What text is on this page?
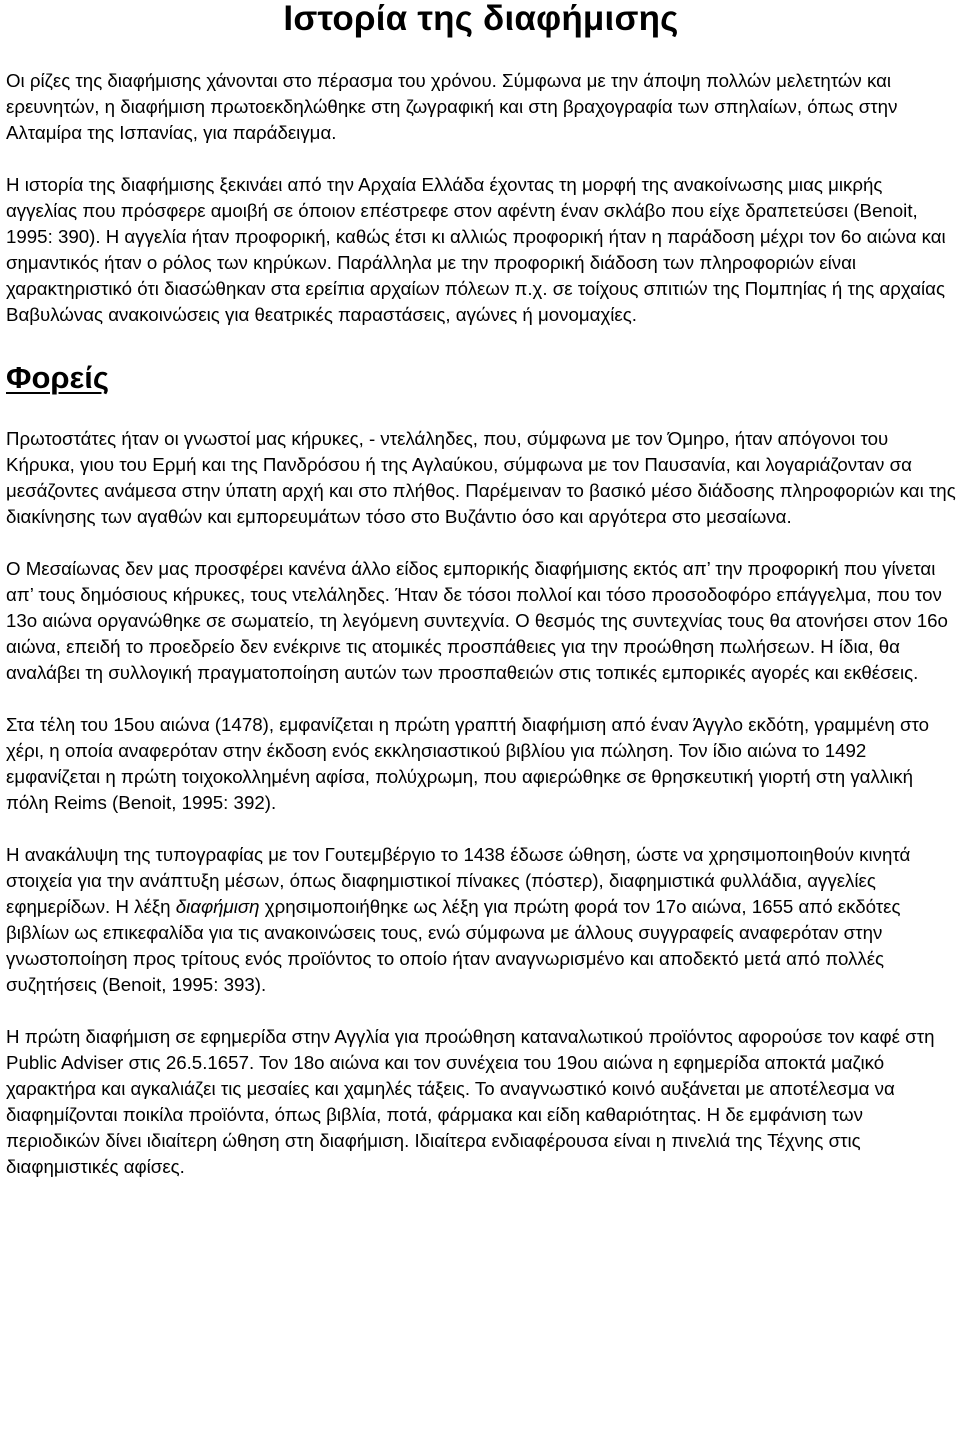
Ιστορία της διαφήμισης

Οι ρίζες της διαφήμισης χάνονται στο πέρασμα του χρόνου. Σύμφωνα με την άποψη πολλών μελετητών και ερευνητών, η διαφήμιση πρωτοεκδηλώθηκε στη ζωγραφική και στη βραχογραφία των σπηλαίων, όπως στην Αλταμίρα της Ισπανίας, για παράδειγμα.

Η ιστορία της διαφήμισης ξεκινάει από την Αρχαία Ελλάδα έχοντας τη μορφή της ανακοίνωσης μιας μικρής αγγελίας που πρόσφερε αμοιβή σε όποιον επέστρεφε στον αφέντη έναν σκλάβο που είχε δραπετεύσει (Benoit, 1995: 390). Η αγγελία ήταν προφορική, καθώς έτσι κι αλλιώς προφορική ήταν η παράδοση μέχρι τον 6ο αιώνα και σημαντικός ήταν ο ρόλος των κηρύκων. Παράλληλα με την προφορική διάδοση των πληροφοριών είναι χαρακτηριστικό ότι διασώθηκαν στα ερείπια αρχαίων πόλεων π.χ. σε τοίχους σπιτιών της Πομπηίας ή της αρχαίας Βαβυλώνας ανακοινώσεις για θεατρικές παραστάσεις, αγώνες ή μονομαχίες.

Φορείς

Πρωτοστάτες ήταν οι γνωστοί μας κήρυκες, - ντελάληδες, που, σύμφωνα με τον Όμηρο, ήταν απόγονοι του Κήρυκα, γιου του Ερμή και της Πανδρόσου ή της Αγλαύκου, σύμφωνα με τον Παυσανία, και λογαριάζονταν σα μεσάζοντες ανάμεσα στην ύπατη αρχή και στο πλήθος. Παρέμειναν το βασικό μέσο διάδοσης πληροφοριών και της διακίνησης των αγαθών και εμπορευμάτων τόσο στο Βυζάντιο όσο και αργότερα στο μεσαίωνα.

Ο Μεσαίωνας δεν μας προσφέρει κανένα άλλο είδος εμπορικής διαφήμισης εκτός απ’ την προφορική που γίνεται απ’ τους δημόσιους κήρυκες, τους ντελάληδες. Ήταν δε τόσοι πολλοί και τόσο προσοδοφόρο επάγγελμα, που τον 13ο αιώνα οργανώθηκε σε σωματείο, τη λεγόμενη συντεχνία. Ο θεσμός της συντεχνίας τους θα ατονήσει στον 16ο αιώνα, επειδή το προεδρείο δεν ενέκρινε τις ατομικές προσπάθειες για την προώθηση πωλήσεων. Η ίδια, θα αναλάβει τη συλλογική πραγματοποίηση αυτών των προσπαθειών στις τοπικές εμπορικές αγορές και εκθέσεις.

Στα τέλη του 15ου αιώνα (1478), εμφανίζεται η πρώτη γραπτή διαφήμιση από έναν Άγγλο εκδότη, γραμμένη στο χέρι, η οποία αναφερόταν στην έκδοση ενός εκκλησιαστικού βιβλίου για πώληση. Τον ίδιο αιώνα το 1492 εμφανίζεται η πρώτη τοιχοκολλημένη αφίσα, πολύχρωμη, που αφιερώθηκε σε θρησκευτική γιορτή στη γαλλική πόλη Reims (Benoit, 1995: 392).

Η ανακάλυψη της τυπογραφίας με τον Γουτεμβέργιο το 1438 έδωσε ώθηση, ώστε να χρησιμοποιηθούν κινητά στοιχεία για την ανάπτυξη μέσων, όπως διαφημιστικοί πίνακες (πόστερ), διαφημιστικά φυλλάδια, αγγελίες εφημερίδων. Η λέξη διαφήμιση χρησιμοποιήθηκε ως λέξη για πρώτη φορά τον 17ο αιώνα, 1655 από εκδότες βιβλίων ως επικεφαλίδα για τις ανακοινώσεις τους, ενώ σύμφωνα με άλλους συγγραφείς αναφερόταν στην γνωστοποίηση προς τρίτους ενός προϊόντος το οποίο ήταν αναγνωρισμένο και αποδεκτό μετά από πολλές συζητήσεις (Benoit, 1995: 393).

Η πρώτη διαφήμιση σε εφημερίδα στην Αγγλία για προώθηση καταναλωτικού προϊόντος αφορούσε τον καφέ στη Public Adviser στις 26.5.1657. Τον 18ο αιώνα και τον συνέχεια του 19ου αιώνα η εφημερίδα αποκτά μαζικό χαρακτήρα και αγκαλιάζει τις μεσαίες και χαμηλές τάξεις. Το αναγνωστικό κοινό αυξάνεται με αποτέλεσμα να διαφημίζονται ποικίλα προϊόντα, όπως βιβλία, ποτά, φάρμακα και είδη καθαριότητας. Η δε εμφάνιση των περιοδικών δίνει ιδιαίτερη ώθηση στη διαφήμιση. Ιδιαίτερα ενδιαφέρουσα είναι η πινελιά της Τέχνης στις διαφημιστικές αφίσες.
